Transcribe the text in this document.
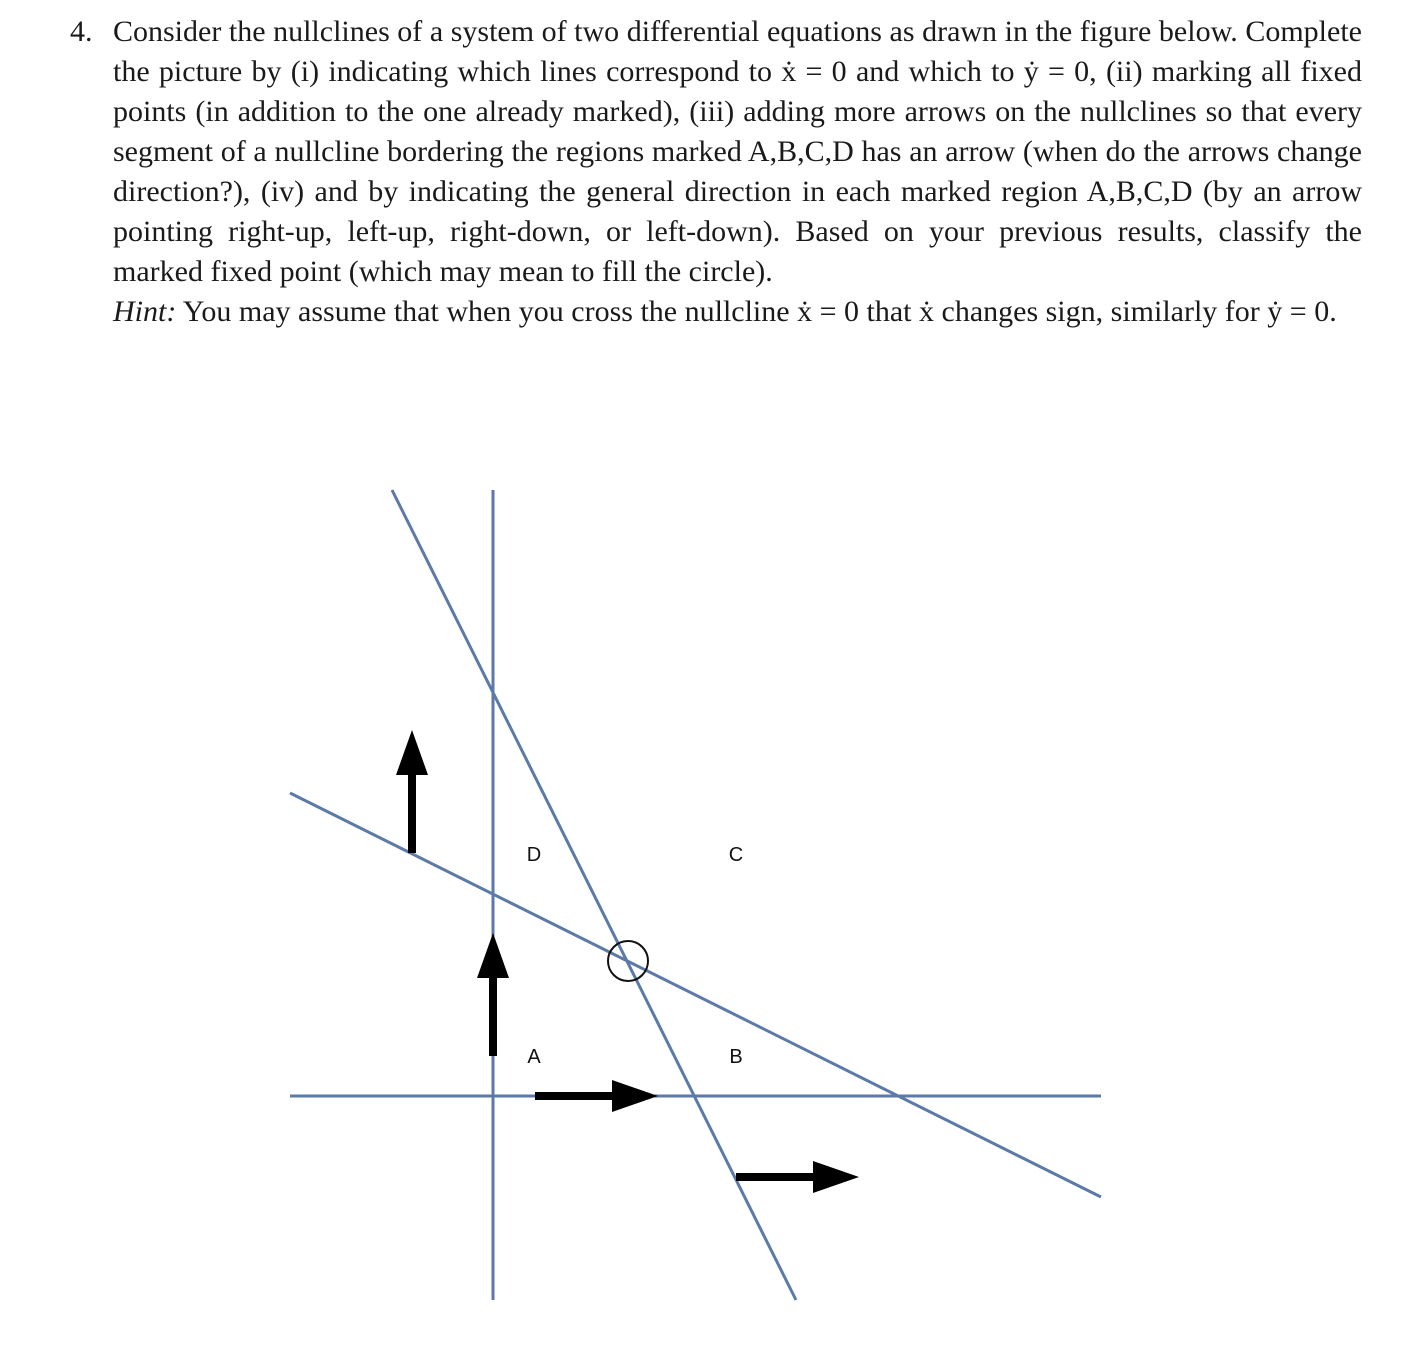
4. Consider the nullclines of a system of two differential equations as drawn in the figure below. Complete the picture by (i) indicating which lines correspond to ẋ = 0 and which to ẏ = 0, (ii) marking all fixed points (in addition to the one already marked), (iii) adding more arrows on the nullclines so that every segment of a nullcline bordering the regions marked A,B,C,D has an arrow (when do the arrows change direction?), (iv) and by indicating the general direction in each marked region A,B,C,D (by an arrow pointing right-up, left-up, right-down, or left-down). Based on your previous results, classify the marked fixed point (which may mean to fill the circle).
Hint: You may assume that when you cross the nullcline ẋ = 0 that ẋ changes sign, similarly for ẏ = 0.
D	C
A	B
